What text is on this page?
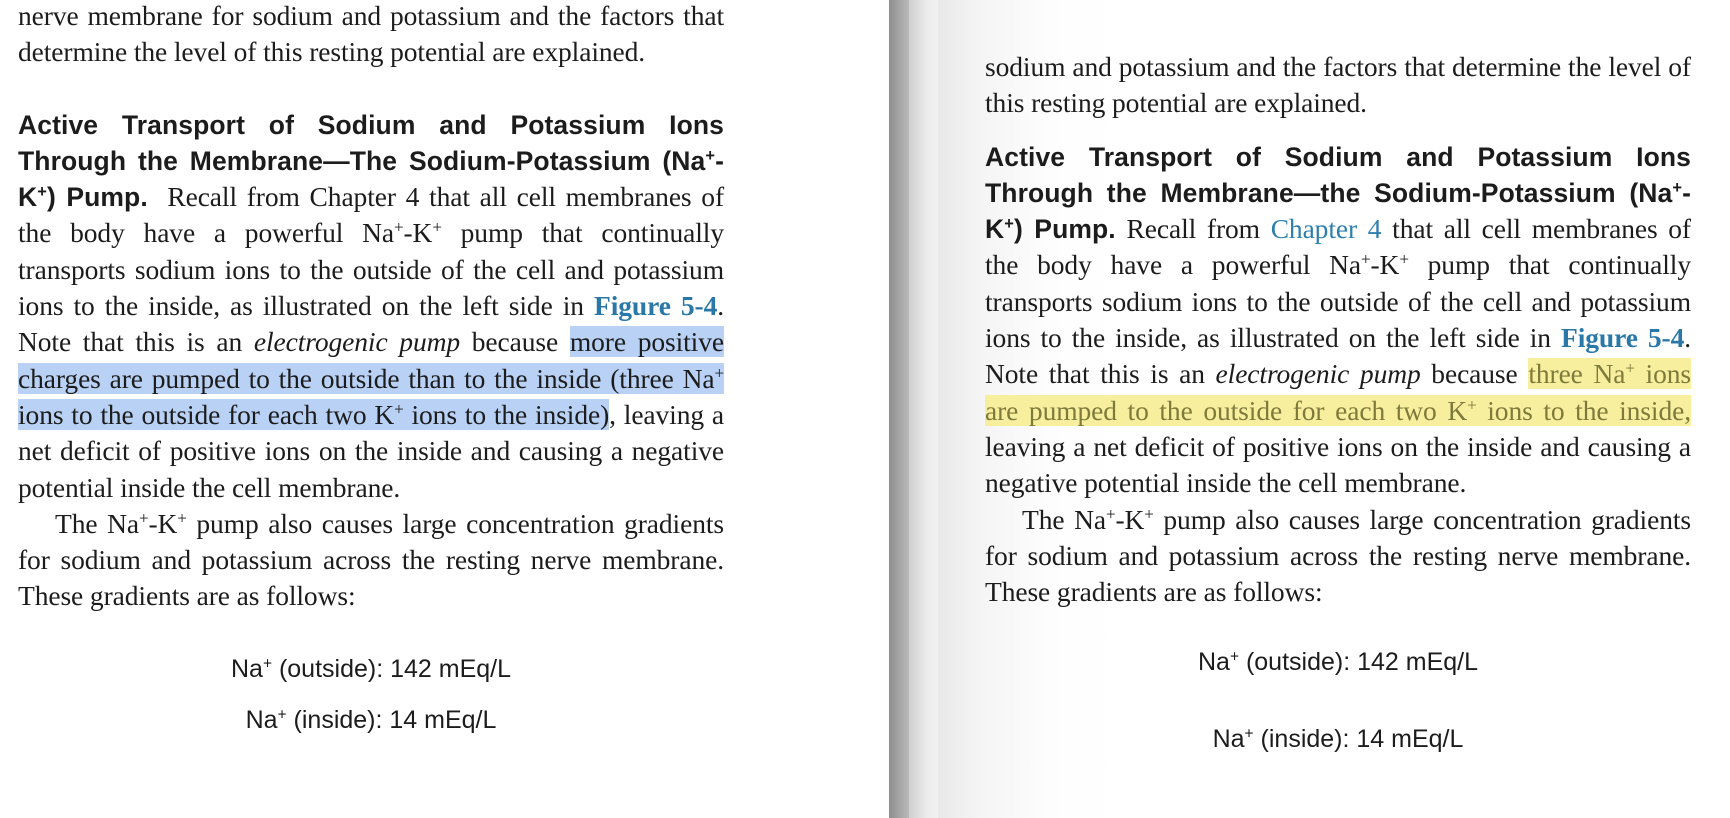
nerve membrane for sodium and potassium and the factors that determine the level of this resting potential are explained.

Active Transport of Sodium and Potassium Ions Through the Membrane—The Sodium-Potassium (Na+-K+) Pump. Recall from Chapter 4 that all cell membranes of the body have a powerful Na+-K+ pump that continually transports sodium ions to the outside of the cell and potassium ions to the inside, as illustrated on the left side in Figure 5-4. Note that this is an electrogenic pump because more positive charges are pumped to the outside than to the inside (three Na+ ions to the outside for each two K+ ions to the inside), leaving a net deficit of positive ions on the inside and causing a negative potential inside the cell membrane.

The Na+-K+ pump also causes large concentration gradients for sodium and potassium across the resting nerve membrane. These gradients are as follows:

Na+ (outside): 142 mEq/L

Na+ (inside): 14 mEq/L

sodium and potassium and the factors that determine the level of this resting potential are explained.

Active Transport of Sodium and Potassium Ions Through the Membrane—the Sodium-Potassium (Na+-K+) Pump. Recall from Chapter 4 that all cell membranes of the body have a powerful Na+-K+ pump that continually transports sodium ions to the outside of the cell and potassium ions to the inside, as illustrated on the left side in Figure 5-4. Note that this is an electrogenic pump because three Na+ ions are pumped to the outside for each two K+ ions to the inside, leaving a net deficit of positive ions on the inside and causing a negative potential inside the cell membrane.

The Na+-K+ pump also causes large concentration gradients for sodium and potassium across the resting nerve membrane. These gradients are as follows:

Na+ (outside): 142 mEq/L

Na+ (inside): 14 mEq/L
